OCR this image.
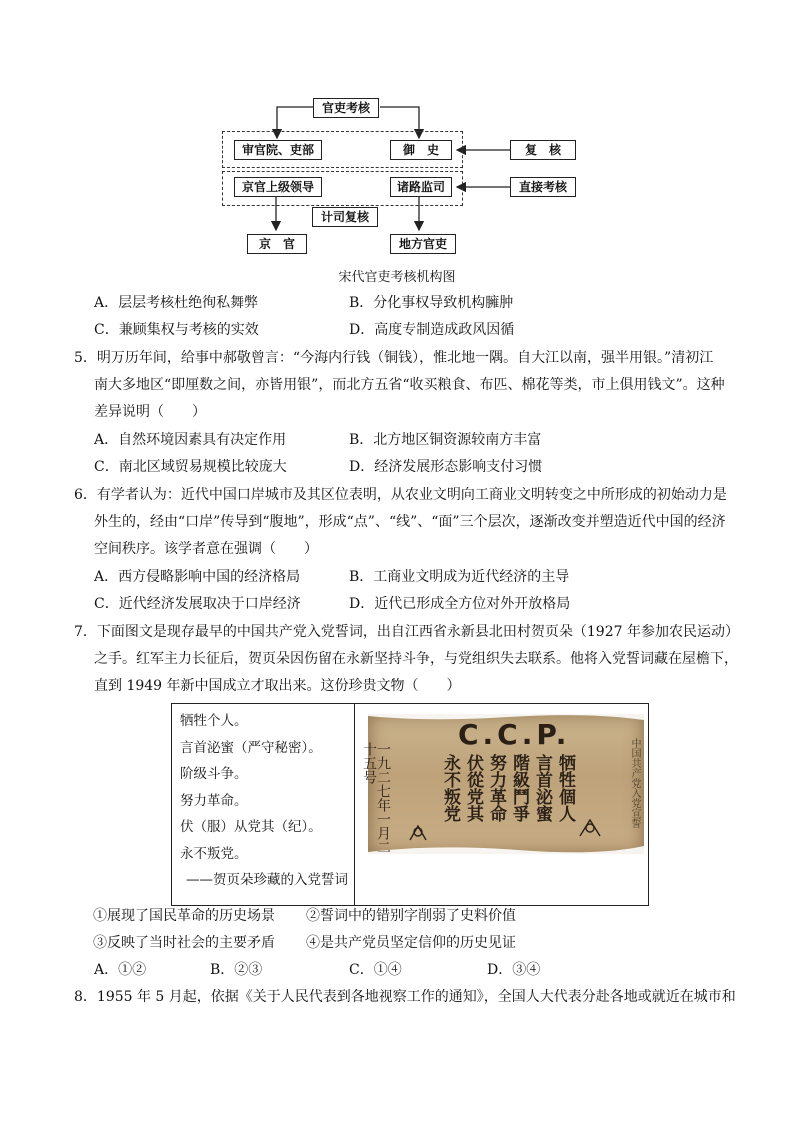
官吏考核
审官院、吏部	御　史	复　核
京官上级领导	诸路监司	直接考核
计司复核
京　官	地方官吏
宋代官吏考核机构图
A．层层考核杜绝徇私舞弊	B．分化事权导致机构臃肿
C．兼顾集权与考核的实效	D．高度专制造成政风因循
5．明万历年间，给事中郝敬曾言：“今海内行钱（铜钱），惟北地一隅。自大江以南，强半用银。”清初江
南大多地区“即厘数之间，亦皆用银”，而北方五省“收买粮食、布匹、棉花等类，市上俱用钱文”。这种
差异说明（　　）
A．自然环境因素具有决定作用	B．北方地区铜资源较南方丰富
C．南北区域贸易规模比较庞大	D．经济发展形态影响支付习惯
6．有学者认为：近代中国口岸城市及其区位表明，从农业文明向工商业文明转变之中所形成的初始动力是
外生的，经由“口岸”传导到“腹地”，形成“点”、“线”、“面”三个层次，逐渐改变并塑造近代中国的经济
空间秩序。该学者意在强调（　　）
A．西方侵略影响中国的经济格局	B．工商业文明成为近代经济的主导
C．近代经济发展取决于口岸经济	D．近代已形成全方位对外开放格局
7．下面图文是现存最早的中国共产党入党誓词，出自江西省永新县北田村贺页朵（1927 年参加农民运动）
之手。红军主力长征后，贺页朵因伤留在永新坚持斗争，与党组织失去联系。他将入党誓词藏在屋檐下，
直到 1949 年新中国成立才取出来。这份珍贵文物（　　）
牺牲个人。
言首泌蜜（严守秘密）。
阶级斗争。
努力革命。
伏（服）从党其（纪）。
永不叛党。
——贺页朵珍藏的入党誓词
C.C.P.
一九二七年一月二十五号	中国共产党入党宣誓
牺牲個人
言首泌蜜
階級鬥爭
努力革命
伏從党其
永不叛党
①展现了国民革命的历史场景 ②誓词中的错别字削弱了史料价值
③反映了当时社会的主要矛盾 ④是共产党员坚定信仰的历史见证
A．①②	B．②③	C．①④	D．③④
8．1955 年 5 月起，依据《关于人民代表到各地视察工作的通知》，全国人大代表分赴各地或就近在城市和
